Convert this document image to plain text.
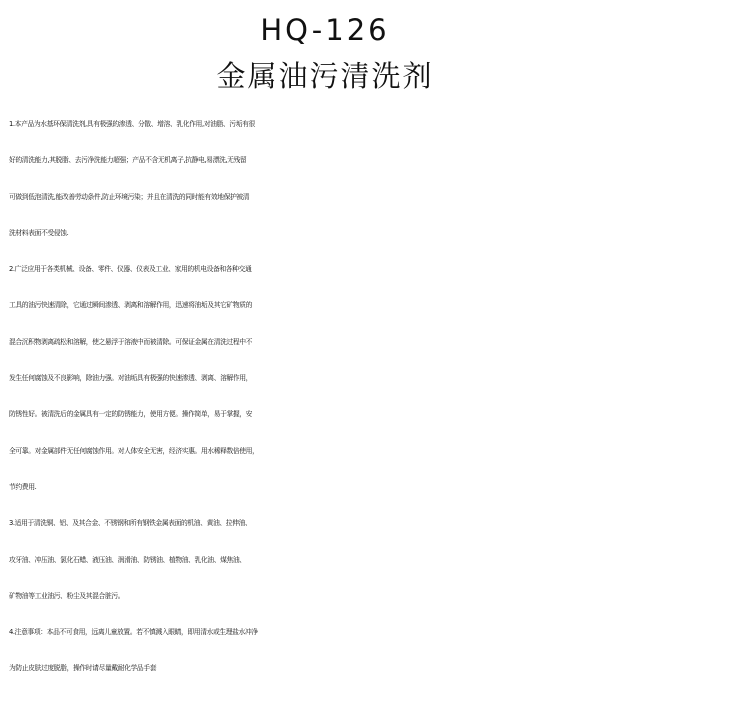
HQ-126
金属油污清洗剂
1.本产品为水基环保清洗剂,具有极强的渗透、分散、增溶、乳化作用,对油脂、污垢有很
好的清洗能力,其脱脂、去污净洗能力超强；产品不含无机离子,抗静电,易漂洗,无残留
可做到低泡清洗,能改善劳动条件,防止环境污染；并且在清洗的同时能有效地保护被清
洗材料表面不受侵蚀.
2.广泛应用于各类机械、设备、零件、仪器、仪表及工业、家用的机电设备和各种交通
工具的油污快速清除，它通过瞬间渗透、剥离和溶解作用，迅速将油垢及其它矿物质的
混合沉积物剥离疏松和溶解，使之悬浮于溶液中而被清除。可保证金属在清洗过程中不
发生任何腐蚀及不良影响，除油力强。对油垢具有极强的快速渗透、剥离、溶解作用，
防锈性好。被清洗后的金属具有一定的防锈能力，使用方便。操作简单，易于掌握，安
全可靠。对金属部件无任何腐蚀作用。对人体安全无害，经济实惠。用水稀释数倍使用，
节约费用.
3.适用于清洗铜、铝、及其合金、不锈钢和所有钢铁金属表面的机油、黄油、拉伸油、
攻牙油、冲压油、氯化石蜡、液压油、润滑油、防锈油、植物油、乳化油、煤焦油、
矿物油等工业油污、粉尘及其混合脏污。
4.注意事项：本品不可食用，远离儿童放置。若不慎溅入眼睛，即用清水或生理盐水冲净
为防止皮肤过度脱脂，操作时请尽量戴耐化学品手套
